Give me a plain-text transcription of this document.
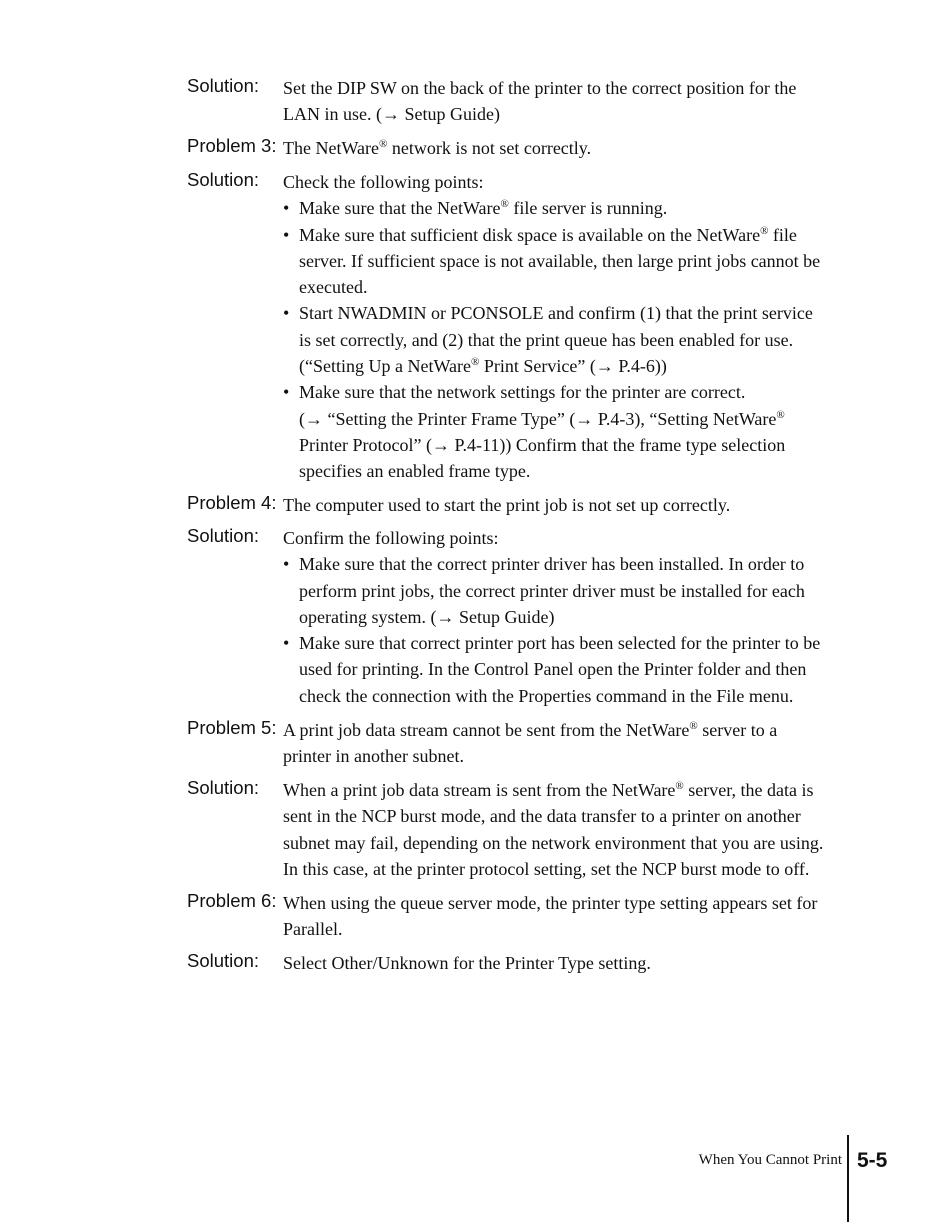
Solution: Set the DIP SW on the back of the printer to the correct position for the
LAN in use. (→ Setup Guide)
Problem 3: The NetWare® network is not set correctly.
Solution: Check the following points:
• Make sure that the NetWare® file server is running.
• Make sure that sufficient disk space is available on the NetWare® file
server. If sufficient space is not available, then large print jobs cannot be
executed.
• Start NWADMIN or PCONSOLE and confirm (1) that the print service
is set correctly, and (2) that the print queue has been enabled for use.
(“Setting Up a NetWare® Print Service” (→ P.4-6))
• Make sure that the network settings for the printer are correct.
(→ “Setting the Printer Frame Type” (→ P.4-3), “Setting NetWare®
Printer Protocol” (→ P.4-11)) Confirm that the frame type selection
specifies an enabled frame type.
Problem 4: The computer used to start the print job is not set up correctly.
Solution: Confirm the following points:
• Make sure that the correct printer driver has been installed. In order to
perform print jobs, the correct printer driver must be installed for each
operating system. (→ Setup Guide)
• Make sure that correct printer port has been selected for the printer to be
used for printing. In the Control Panel open the Printer folder and then
check the connection with the Properties command in the File menu.
Problem 5: A print job data stream cannot be sent from the NetWare® server to a
printer in another subnet.
Solution: When a print job data stream is sent from the NetWare® server, the data is
sent in the NCP burst mode, and the data transfer to a printer on another
subnet may fail, depending on the network environment that you are using.
In this case, at the printer protocol setting, set the NCP burst mode to off.
Problem 6: When using the queue server mode, the printer type setting appears set for
Parallel.
Solution: Select Other/Unknown for the Printer Type setting.
When You Cannot Print 5-5
